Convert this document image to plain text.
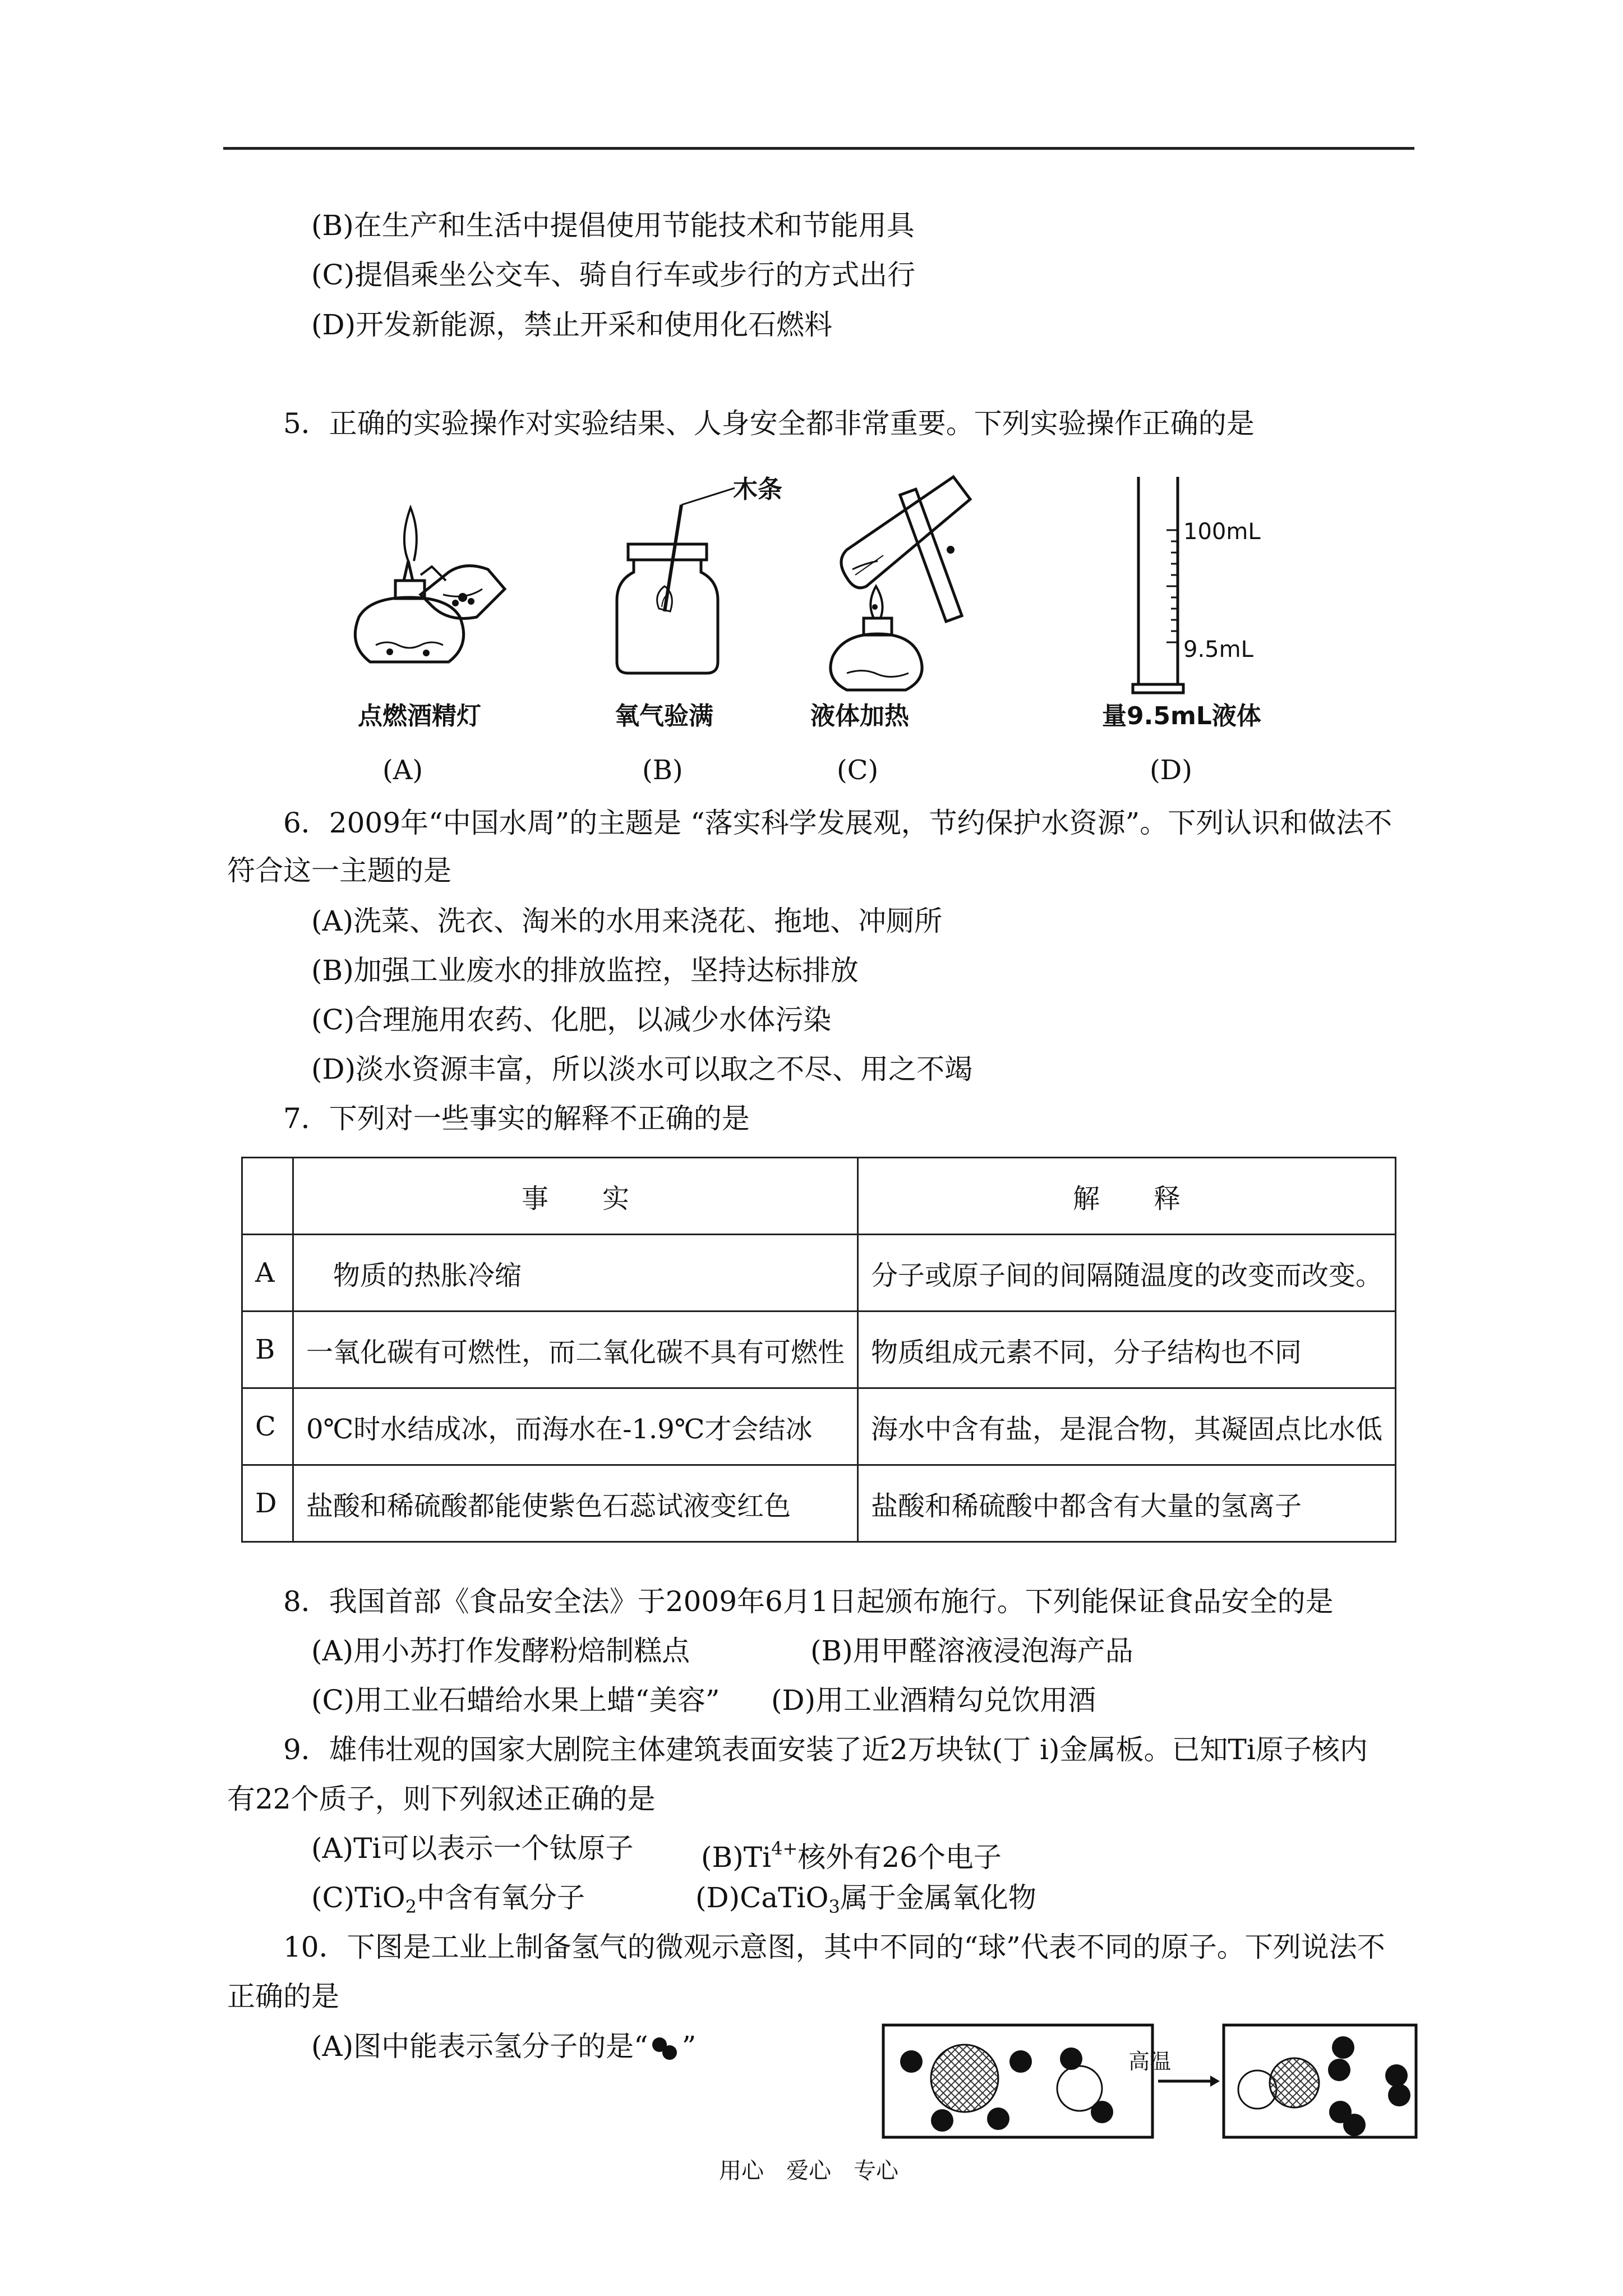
(B)在生产和生活中提倡使用节能技术和节能用具
(C)提倡乘坐公交车、骑自行车或步行的方式出行
(D)开发新能源，禁止开采和使用化石燃料
5．正确的实验操作对实验结果、人身安全都非常重要。下列实验操作正确的是
木条
100mL
9.5mL
点燃酒精灯	氧气验满	液体加热	量9.5mL液体
(A)	(B)	(C)	(D)
6．2009年“中国水周”的主题是 “落实科学发展观，节约保护水资源”。下列认识和做法不
符合这一主题的是
(A)洗菜、洗衣、淘米的水用来浇花、拖地、冲厕所
(B)加强工业废水的排放监控，坚持达标排放
(C)合理施用农药、化肥，以减少水体污染
(D)淡水资源丰富，所以淡水可以取之不尽、用之不竭
7．下列对一些事实的解释不正确的是
	事　　实	解　　释
A	　物质的热胀冷缩	分子或原子间的间隔随温度的改变而改变。
B	一氧化碳有可燃性，而二氧化碳不具有可燃性	物质组成元素不同，分子结构也不同
C	0℃时水结成冰，而海水在-1.9℃才会结冰	海水中含有盐，是混合物，其凝固点比水低
D	盐酸和稀硫酸都能使紫色石蕊试液变红色	盐酸和稀硫酸中都含有大量的氢离子
8．我国首部《食品安全法》于2009年6月1日起颁布施行。下列能保证食品安全的是
(A)用小苏打作发酵粉焙制糕点	(B)用甲醛溶液浸泡海产品
(C)用工业石蜡给水果上蜡“美容” (D)用工业酒精勾兑饮用酒
9．雄伟壮观的国家大剧院主体建筑表面安装了近2万块钛(丁 i)金属板。已知Ti原子核内
有22个质子，则下列叙述正确的是
(A)Ti可以表示一个钛原子 $(B)Ti^{4+}$核外有26个电子
(C)TiO$_2$中含有氧分子	(D)CaTiO$_3$属于金属氧化物
10．下图是工业上制备氢气的微观示意图，其中不同的“球”代表不同的原子。下列说法不
正确的是
(A)图中能表示氢分子的是“ ”	高温
用心　爱心　专心
